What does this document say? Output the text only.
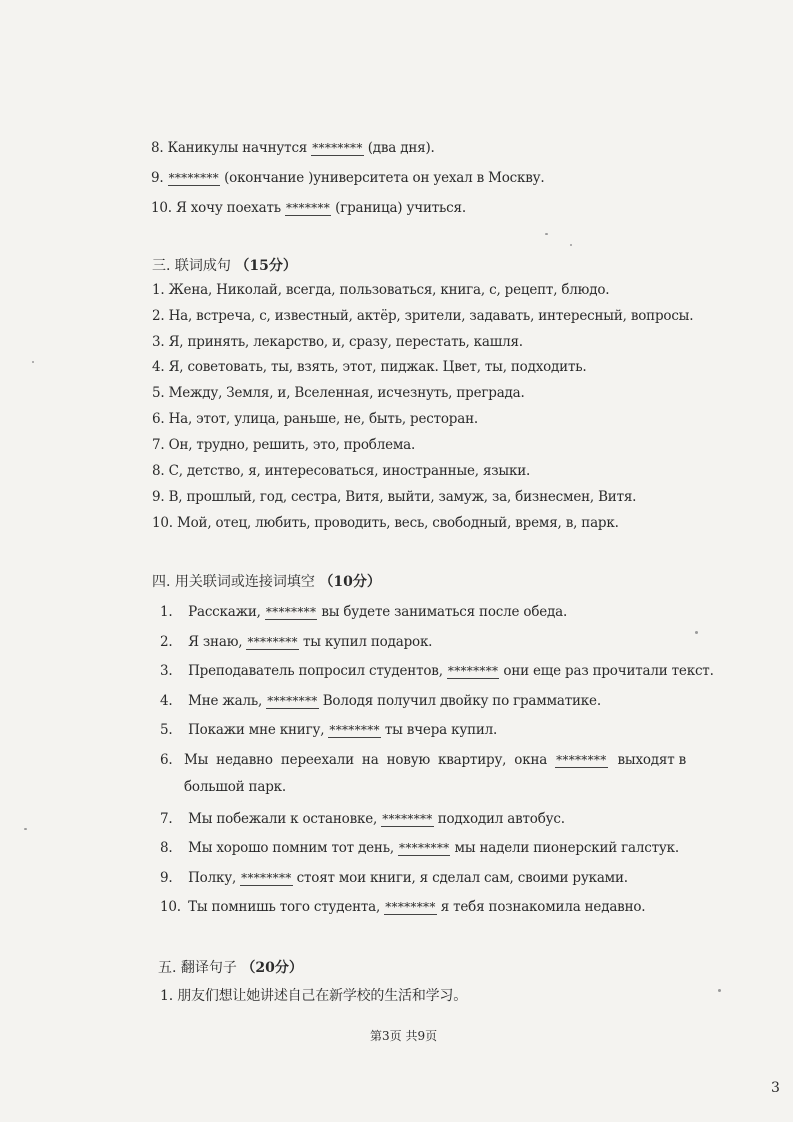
8. Каникулы начнутся ******** (два дня).
9. ******** (окончание )университета он уехал в Москву.
10. Я хочу поехать ******* (граница) учиться.
三. 联词成句 （15分）
1. Жена, Николай, всегда, пользоваться, книга, с, рецепт, блюдо.
2. На, встреча, с, известный, актёр, зрители, задавать, интересный, вопросы.
3. Я, принять, лекарство, и, сразу, перестать, кашля.
4. Я, советовать, ты, взять, этот, пиджак. Цвет, ты, подходить.
5. Между, Земля, и, Вселенная, исчезнуть, преграда.
6. На, этот, улица, раньше, не, быть, ресторан.
7. Он, трудно, решить, это, проблема.
8. С, детство, я, интересоваться, иностранные, языки.
9. В, прошлый, год, сестра, Витя, выйти, замуж, за, бизнесмен, Витя.
10. Мой, отец, любить, проводить, весь, свободный, время, в, парк.
四. 用关联词或连接词填空 （10分）
1. Расскажи, ******** вы будете заниматься после обеда.
2. Я знаю, ******** ты купил подарок.
3. Преподаватель попросил студентов, ******** они еще раз прочитали текст.
4. Мне жаль, ******** Володя получил двойку по грамматике.
5. Покажи мне книгу, ******** ты вчера купил.
6. Мы недавно переехали на новую квартиру, окна ******** выходят в
большой парк.
7. Мы побежали к остановке, ******** подходил автобус.
8. Мы хорошо помним тот день, ******** мы надели пионерский галстук.
9. Полку, ******** стоят мои книги, я сделал сам, своими руками.
10. Ты помнишь того студента, ******** я тебя познакомила недавно.
五. 翻译句子 （20分）
1. 朋友们想让她讲述自己在新学校的生活和学习。
第3页 共9页
3
